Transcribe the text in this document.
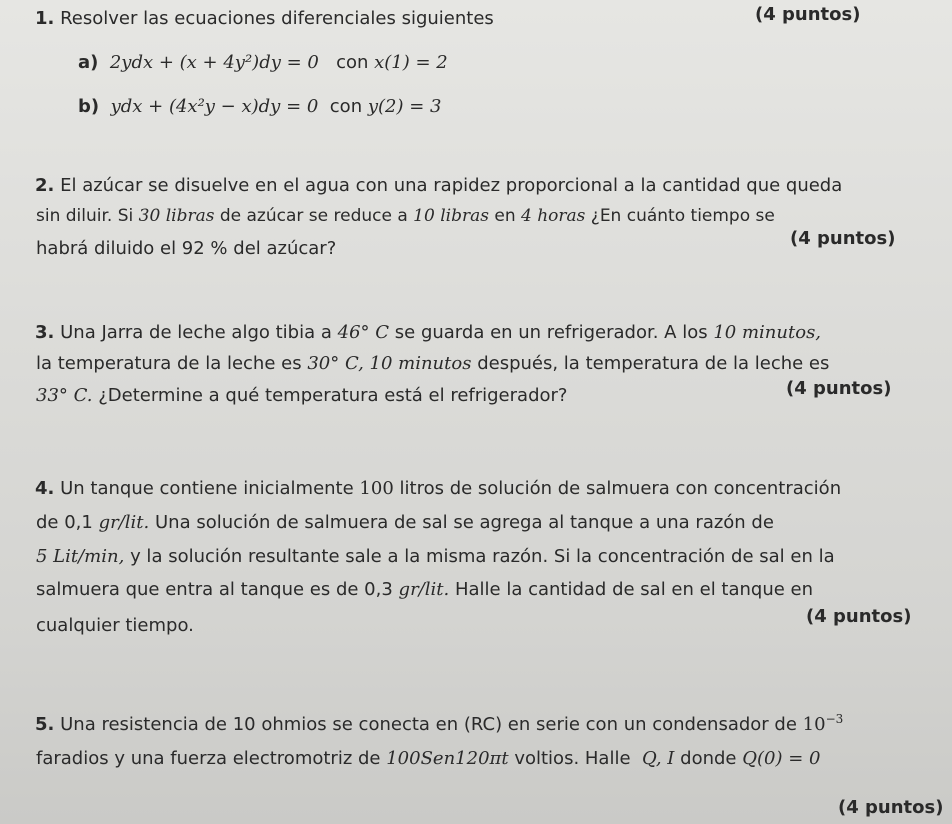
1. Resolver las ecuaciones diferenciales siguientes	(4 puntos)
a) 2ydx + (x + 4y²)dy = 0 con x(1) = 2
b) ydx + (4x²y − x)dy = 0 con y(2) = 3
2. El azúcar se disuelve en el agua con una rapidez proporcional a la cantidad que queda
sin diluir. Si 30 libras de azúcar se reduce a 10 libras en 4 horas ¿En cuánto tiempo se
habrá diluido el 92 % del azúcar?	(4 puntos)
3. Una Jarra de leche algo tibia a 46° C se guarda en un refrigerador. A los 10 minutos,
la temperatura de la leche es 30° C, 10 minutos después, la temperatura de la leche es
33° C. ¿Determine a qué temperatura está el refrigerador?	(4 puntos)
4. Un tanque contiene inicialmente 100 litros de solución de salmuera con concentración
de 0,1 gr/lit. Una solución de salmuera de sal se agrega al tanque a una razón de
5 Lit/min, y la solución resultante sale a la misma razón. Si la concentración de sal en la
salmuera que entra al tanque es de 0,3 gr/lit. Halle la cantidad de sal en el tanque en
cualquier tiempo.	(4 puntos)
5. Una resistencia de 10 ohmios se conecta en (RC) en serie con un condensador de $10^{-3}$
faradios y una fuerza electromotriz de 100Sen120πt voltios. Halle Q, I donde Q(0) = 0
(4 puntos)
